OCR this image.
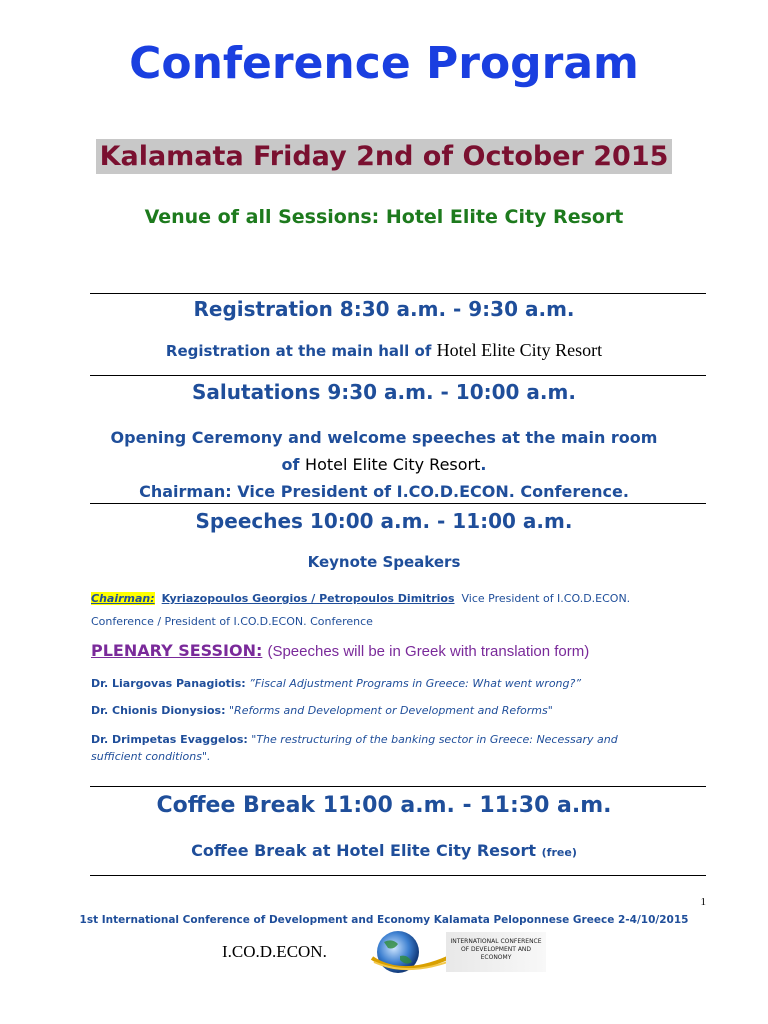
Conference Program
Kalamata Friday 2nd of October 2015
Venue of all Sessions: Hotel Elite City Resort
Registration 8:30 a.m. - 9:30 a.m.
Registration at the main hall of Hotel Elite City Resort
Salutations 9:30 a.m. - 10:00 a.m.
Opening Ceremony and welcome speeches at the main room
of Hotel Elite City Resort.
Chairman: Vice President of I.CO.D.ECON. Conference.
Speeches 10:00 a.m. - 11:00 a.m.
Keynote Speakers
Chairman: Kyriazopoulos Georgios / Petropoulos Dimitrios Vice President of I.CO.D.ECON.
Conference / President of I.CO.D.ECON. Conference
PLENARY SESSION: (Speeches will be in Greek with translation form)
Dr. Liargovas Panagiotis: ”Fiscal Adjustment Programs in Greece: What went wrong?”
Dr. Chionis Dionysios: "Reforms and Development or Development and Reforms"
Dr. Drimpetas Evaggelos: "The restructuring of the banking sector in Greece: Necessary and
sufficient conditions".
Coffee Break 11:00 a.m. - 11:30 a.m.
Coffee Break at Hotel Elite City Resort (free)
1
1st International Conference of Development and Economy Kalamata Peloponnese Greece 2-4/10/2015
I.CO.D.ECON.
INTERNATIONAL CONFERENCE
OF DEVELOPMENT AND
ECONOMY
